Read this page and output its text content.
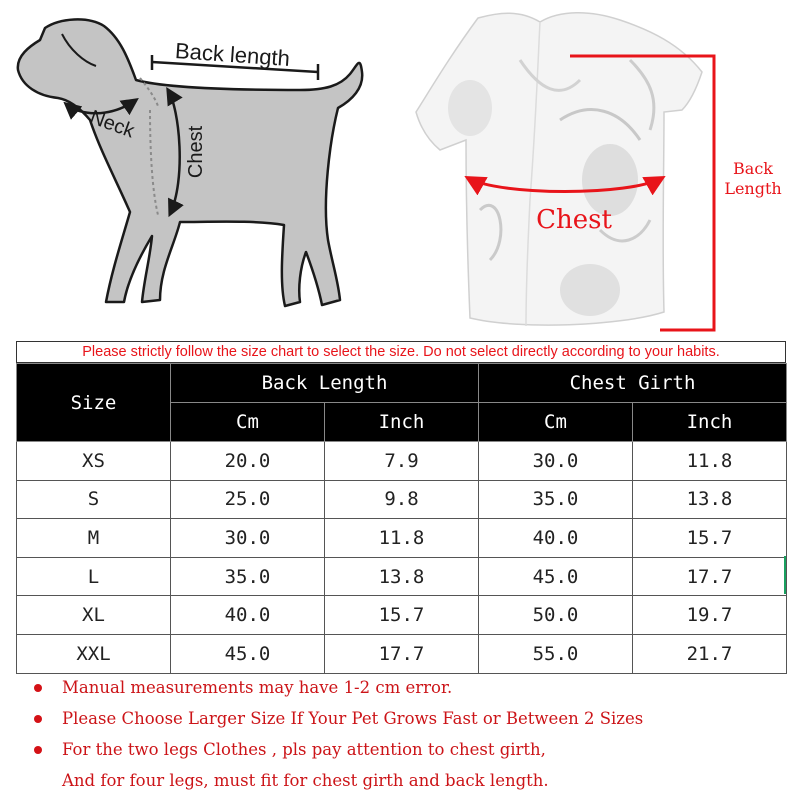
Back length
Neck
Chest
Chest
Back
Length
Please strictly follow the size chart to select the size. Do not select directly according to your habits.
Size	Back Length		Chest Girth	
	Cm	Inch	Cm	Inch
XS	20.0	7.9	30.0	11.8
S	25.0	9.8	35.0	13.8
M	30.0	11.8	40.0	15.7
L	35.0	13.8	45.0	17.7
XL	40.0	15.7	50.0	19.7
XXL	45.0	17.7	55.0	21.7
Manual measurements may have 1-2 cm error.
Please Choose Larger Size If Your Pet Grows Fast or Between 2 Sizes
For the two legs Clothes , pls pay attention to chest girth,
And for four legs, must fit for chest girth and back length.
